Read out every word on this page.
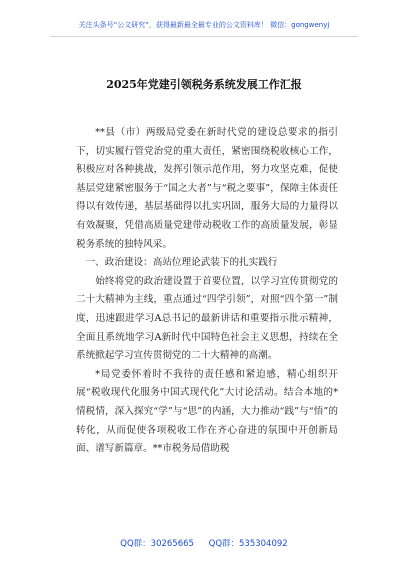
关注头条号“公文研究”，获得最新最全最专业的公文资料库！ 微信：gongwenyj
2025年党建引领税务系统发展工作汇报

**县（市）两级局党委在新时代党的建设总要求的指引下，切实履行管党治党的重大责任，紧密围绕税收核心工作，积极应对各种挑战，发挥引领示范作用，努力攻坚克难，促使基层党建紧密服务于“国之大者”与“税之要事”，保障主体责任得以有效传递，基层基础得以扎实巩固，服务大局的力量得以有效凝聚，凭借高质量党建带动税收工作的高质量发展，彰显税务系统的独特风采。

一、政治建设：高站位理论武装下的扎实践行

始终将党的政治建设置于首要位置，以学习宣传贯彻党的二十大精神为主线，重点通过“四学引领”，对照“四个第一”制度，迅速跟进学习A总书记的最新讲话和重要指示批示精神，全面且系统地学习A新时代中国特色社会主义思想，持续在全系统掀起学习宣传贯彻党的二十大精神的高潮。

*局党委怀着时不我待的责任感和紧迫感，精心组织开展“税收现代化服务中国式现代化”大讨论活动。结合本地的*情税情，深入探究“学”与“思”的内涵，大力推动“践”与“悟”的转化，从而促使各项税收工作在齐心奋进的氛围中开创新局面、谱写新篇章。**市税务局借助税

QQ群：30265665 QQ群：535304092
